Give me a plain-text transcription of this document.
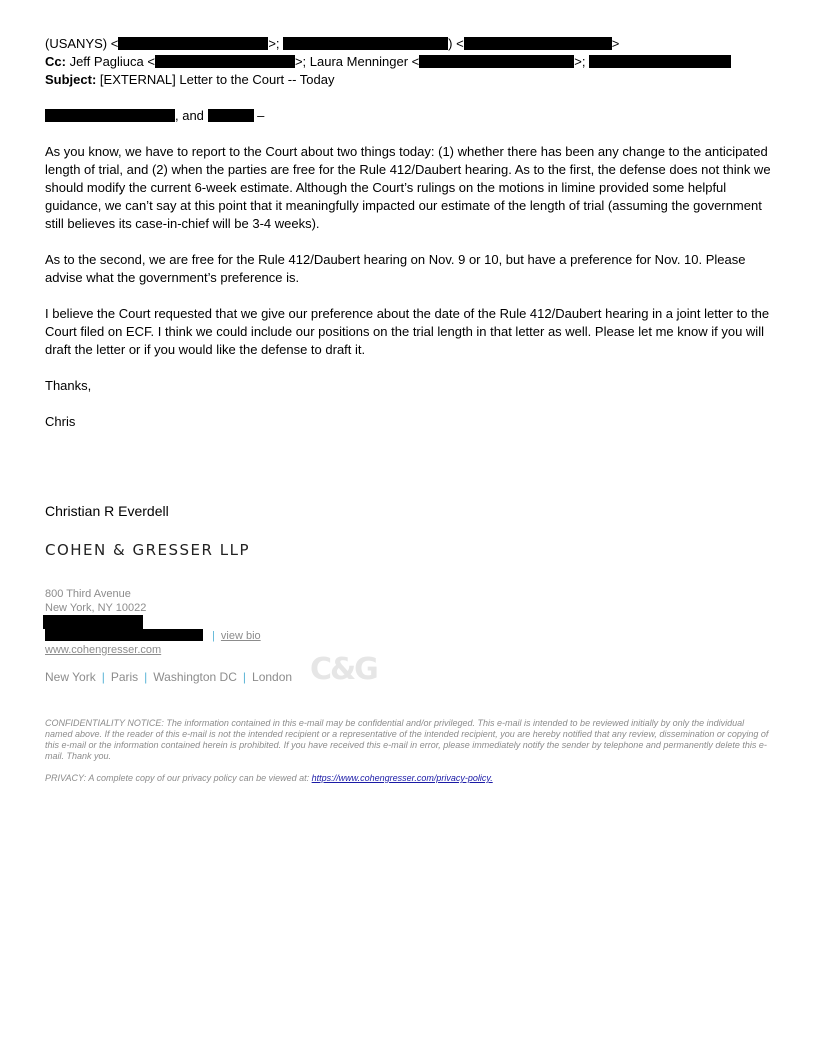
(USANYS) <	>;	) <	>
Cc: Jeff Pagliuca <	>; Laura Menninger <	>;
Subject: [EXTERNAL] Letter to the Court -- Today
, and	–

As you know, we have to report to the Court about two things today: (1) whether there has been any change to the anticipated length of trial, and (2) when the parties are free for the Rule 412/Daubert hearing. As to the first, the defense does not think we should modify the current 6-week estimate. Although the Court’s rulings on the motions in limine provided some helpful guidance, we can’t say at this point that it meaningfully impacted our estimate of the length of trial (assuming the government still believes its case-in-chief will be 3-4 weeks).

As to the second, we are free for the Rule 412/Daubert hearing on Nov. 9 or 10, but have a preference for Nov. 10. Please advise what the government’s preference is.

I believe the Court requested that we give our preference about the date of the Rule 412/Daubert hearing in a joint letter to the Court filed on ECF. I think we could include our positions on the trial length in that letter as well. Please let me know if you will draft the letter or if you would like the defense to draft it.

Thanks,

Chris

Christian R Everdell
COHEN & GRESSER LLP
800 Third Avenue
New York, NY 10022
| view bio
www.cohengresser.com
New York | Paris | Washington DC | London C&G
CONFIDENTIALITY NOTICE: The information contained in this e-mail may be confidential and/or privileged. This e-mail is intended to be reviewed initially by only the individual named above. If the reader of this e-mail is not the intended recipient or a representative of the intended recipient, you are hereby notified that any review, dissemination or copying of this e-mail or the information contained herein is prohibited. If you have received this e-mail in error, please immediately notify the sender by telephone and permanently delete this e-mail. Thank you.
PRIVACY: A complete copy of our privacy policy can be viewed at: https://www.cohengresser.com/privacy-policy.
